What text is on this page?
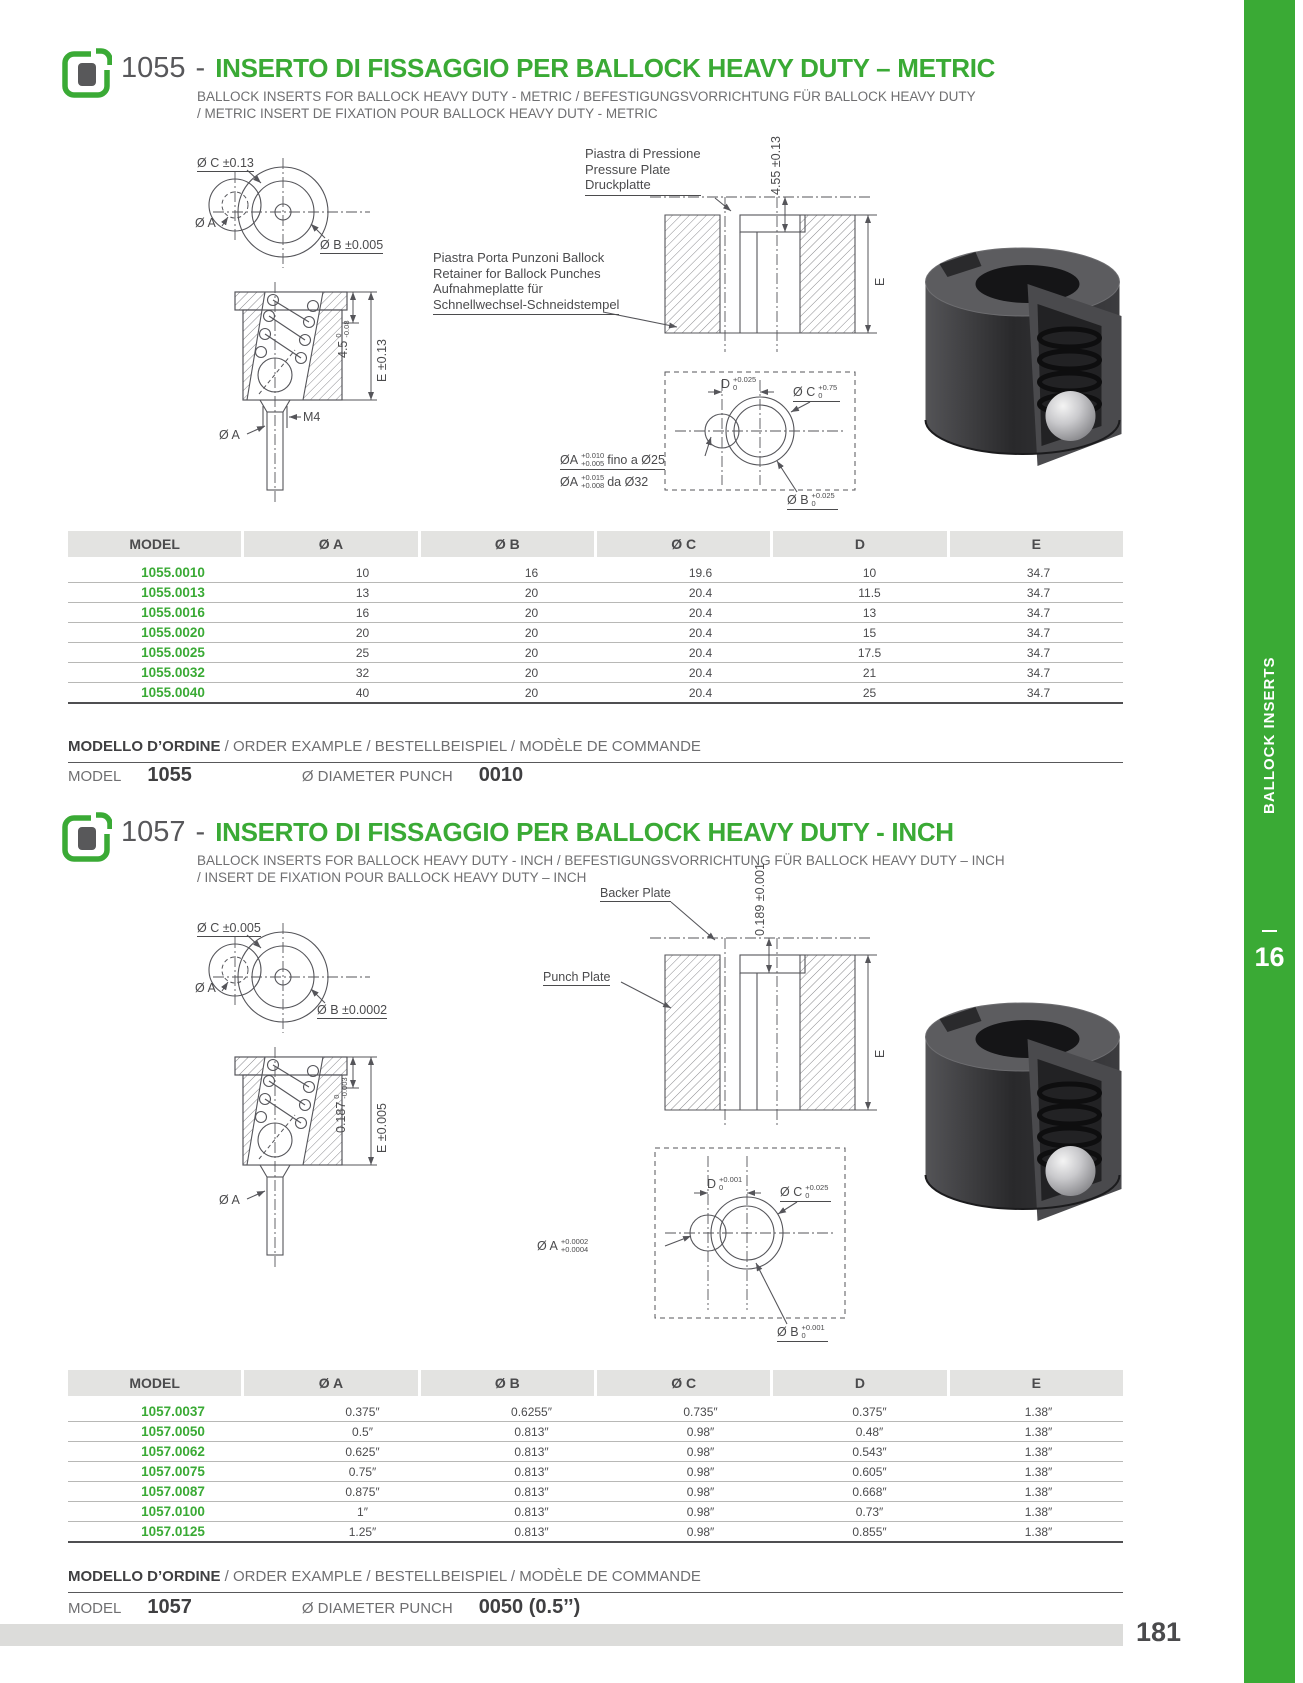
1055 - INSERTO DI FISSAGGIO PER BALLOCK HEAVY DUTY – METRIC
BALLOCK INSERTS FOR BALLOCK HEAVY DUTY - METRIC / BEFESTIGUNGSVORRICHTUNG FÜR BALLOCK HEAVY DUTY
/ METRIC INSERT DE FIXATION POUR BALLOCK HEAVY DUTY - METRIC
Ø C ±0.13
Ø A
Ø B ±0.005
4.5
0 -0.08
E ±0.13
M4
Ø A
Piastra di Pressione
Pressure Plate
Druckplatte	4.55 ±0.13
Piastra Porta Punzoni Ballock
Retainer for Ballock Punches
Aufnahmeplatte für
Schnellwechsel-Schneidstempel
E
D +0.025
0	Ø C +0.75
0
ØA +0.010
+0.005 fino a Ø25
ØA +0.015
+0.008 da Ø32
Ø B +0.025
0
MODEL	Ø A	Ø B	Ø C	D	E
1055.0010	10	16	19.6	10	34.7
1055.0013	13	20	20.4	11.5	34.7
1055.0016	16	20	20.4	13	34.7
1055.0020	20	20	20.4	15	34.7
1055.0025	25	20	20.4	17.5	34.7
1055.0032	32	20	20.4	21	34.7
1055.0040	40	20	20.4	25	34.7
MODELLO D’ORDINE / ORDER EXAMPLE / BESTELLBEISPIEL / MODÈLE DE COMMANDE
MODEL 1055	Ø DIAMETER PUNCH 0010
1057 - INSERTO DI FISSAGGIO PER BALLOCK HEAVY DUTY - INCH
BALLOCK INSERTS FOR BALLOCK HEAVY DUTY - INCH / BEFESTIGUNGSVORRICHTUNG FÜR BALLOCK HEAVY DUTY – INCH
/ INSERT DE FIXATION POUR BALLOCK HEAVY DUTY – INCH
Ø C ±0.005
Ø A
Ø B ±0.0002
0.187
0 -0.003
E ±0.005
Ø A
Backer Plate	0.189 ±0.001
Punch Plate
E
D +0.001
0	Ø C +0.025
0
Ø A +0.0002
+0.0004
Ø B +0.001
0
MODEL	Ø A	Ø B	Ø C	D	E
1057.0037	0.375″	0.6255″	0.735″	0.375″	1.38″
1057.0050	0.5″	0.813″	0.98″	0.48″	1.38″
1057.0062	0.625″	0.813″	0.98″	0.543″	1.38″
1057.0075	0.75″	0.813″	0.98″	0.605″	1.38″
1057.0087	0.875″	0.813″	0.98″	0.668″	1.38″
1057.0100	1″	0.813″	0.98″	0.73″	1.38″
1057.0125	1.25″	0.813″	0.98″	0.855″	1.38″
MODELLO D’ORDINE / ORDER EXAMPLE / BESTELLBEISPIEL / MODÈLE DE COMMANDE
MODEL 1057	Ø DIAMETER PUNCH 0050 (0.5’’)
BALLOCK INSERTS
16
181
